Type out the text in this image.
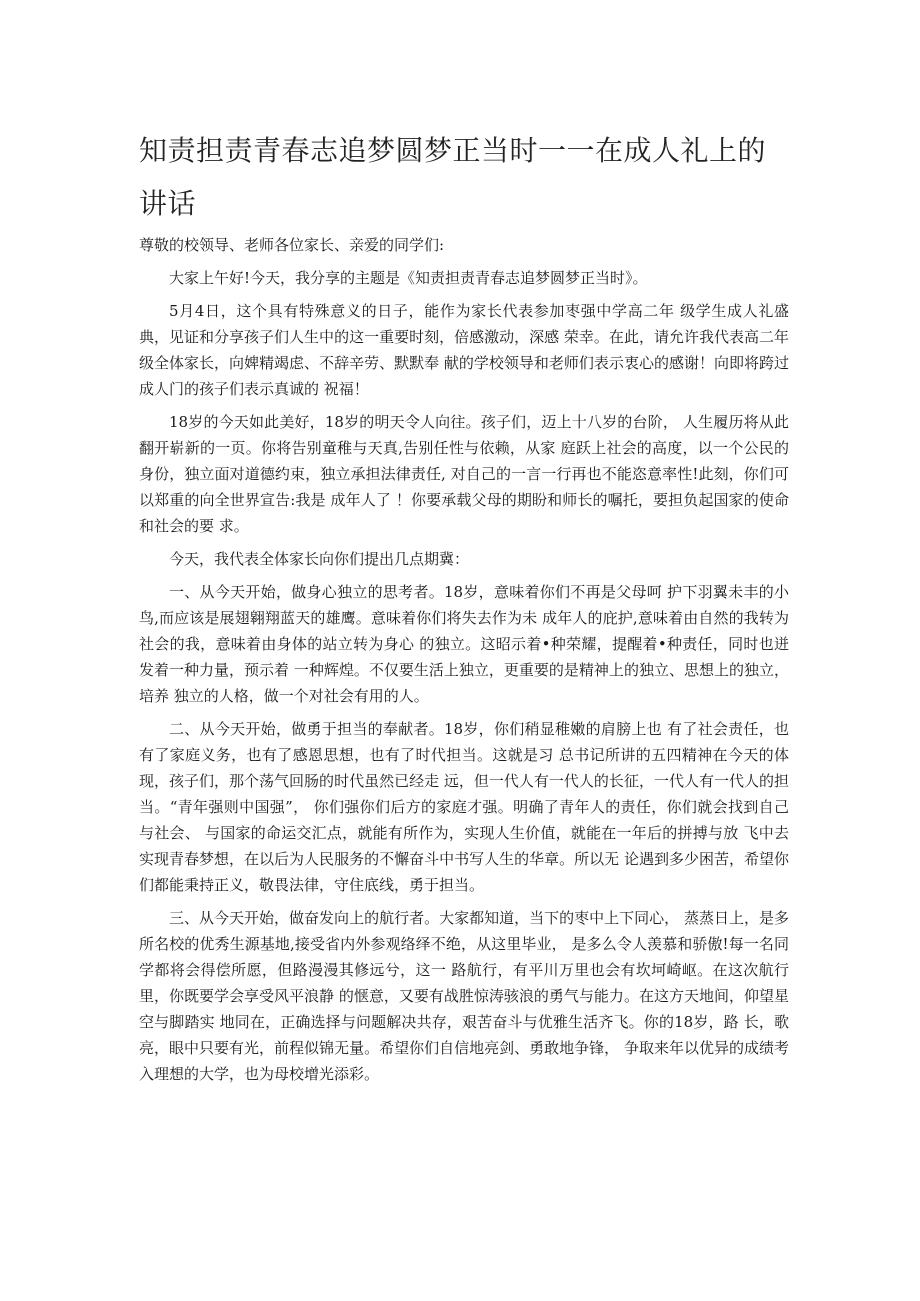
知责担责青春志追梦圆梦正当时一一在成人礼上的讲话

尊敬的校领导、老师各位家长、亲爱的同学们:

大家上午好!今天，我分享的主题是《知责担责青春志追梦圆梦正当时》。

5月4日，这个具有特殊意义的日子，能作为家长代表参加枣强中学高二年 级学生成人礼盛典，见证和分享孩子们人生中的这一重要时刻，倍感激动，深感 荣幸。在此，请允许我代表高二年级全体家长，向婢精竭虑、不辞辛劳、默默奉 献的学校领导和老师们表示衷心的感谢！向即将跨过成人门的孩子们表示真诚的 祝福！

18岁的今天如此美好，18岁的明天令人向往。孩子们，迈上十八岁的台阶， 人生履历将从此翻开崭新的一页。你将告别童稚与天真,告别任性与依赖，从家 庭跃上社会的高度，以一个公民的身份，独立面对道德约束，独立承担法律责任, 对自己的一言一行再也不能恣意率性!此刻，你们可以郑重的向全世界宣告:我是 成年人了 ！你要承载父母的期盼和师长的嘱托，要担负起国家的使命和社会的要 求。

今天，我代表全体家长向你们提出几点期冀：

一、从今天开始，做身心独立的思考者。18岁，意味着你们不再是父母呵 护下羽翼未丰的小鸟,而应该是展翅翱翔蓝天的雄鹰。意味着你们将失去作为未 成年人的庇护,意味着由自然的我转为社会的我，意味着由身体的站立转为身心 的独立。这昭示着•种荣耀，提醒着•种责任，同时也迸发着一种力量，预示着 一种辉煌。不仅要生活上独立，更重要的是精神上的独立、思想上的独立，培养 独立的人格，做一个对社会有用的人。

二、从今天开始，做勇于担当的奉献者。18岁，你们稍显稚嫩的肩膀上也 有了社会责任，也有了家庭义务，也有了感恩思想，也有了时代担当。这就是习 总书记所讲的五四精神在今天的体现，孩子们，那个荡气回肠的时代虽然已经走 远，但一代人有一代人的长征，一代人有一代人的担当。“青年强则中国强”， 你们强你们后方的家庭才强。明确了青年人的责任，你们就会找到自己与社会、 与国家的命运交汇点，就能有所作为，实现人生价值，就能在一年后的拼搏与放 飞中去实现青春梦想，在以后为人民服务的不懈奋斗中书写人生的华章。所以无 论遇到多少困苦，希望你们都能秉持正义，敬畏法律，守住底线，勇于担当。

三、从今天开始，做奋发向上的航行者。大家都知道，当下的枣中上下同心， 蒸蒸日上，是多所名校的优秀生源基地,接受省内外参观络绎不绝，从这里毕业， 是多么令人羡慕和骄傲!每一名同学都将会得偿所愿，但路漫漫其修远兮，这一 路航行，有平川万里也会有坎坷崎岖。在这次航行里，你既要学会享受风平浪静 的惬意，又要有战胜惊涛骇浪的勇气与能力。在这方天地间，仰望星空与脚踏实 地同在，正确选择与问题解决共存，艰苦奋斗与优雅生活齐飞。你的18岁，路 长，歌亮，眼中只要有光，前程似锦无量。希望你们自信地亮剑、勇敢地争锋， 争取来年以优异的成绩考入理想的大学，也为母校增光添彩。
